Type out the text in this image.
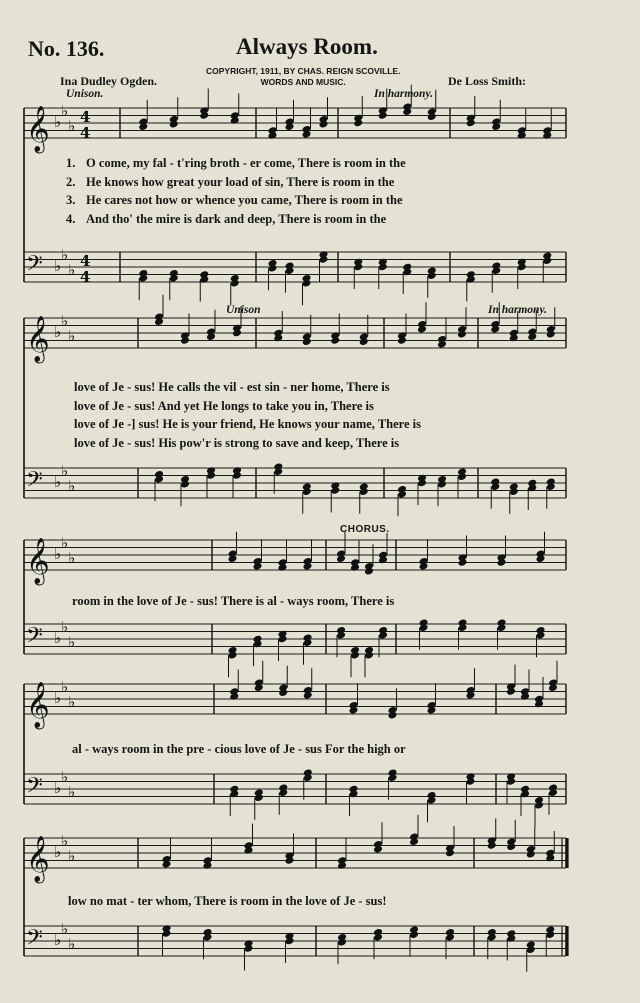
No. 136.	Always Room.
COPYRIGHT, 1911, BY CHAS. REIGN SCOVILLE.
WORDS AND MUSIC.
Ina Dudley Ogden.	De Loss Smith:
Unison.	In harmony.
Unison	In harmony.
CHORUS.
𝄞
𝄢
♭
♭
♭
♭
♭
♭
4
4
4
4
𝄞
𝄢
♭
♭
♭
♭
♭
♭
𝄞
𝄢
♭
♭
♭
♭
♭
♭
𝄞
𝄢
♭
♭
♭
♭
♭
♭
𝄞
𝄢
♭
♭
♭
♭
♭
♭
1. O come, my fal - t'ring broth - er come, There is room in the
2. He knows how great your load of sin, There is room in the
3. He cares not how or whence you came, There is room in the
4. And tho' the mire is dark and deep, There is room in the
love of Je - sus! He calls the vil - est sin - ner home, There is
love of Je - sus! And yet He longs to take you in, There is
love of Je -] sus! He is your friend, He knows your name, There is
love of Je - sus! His pow'r is strong to save and keep, There is
room in the love of Je - sus! There is al - ways room, There is
al - ways room in the pre - cious love of Je - sus For the high or
low no mat - ter whom, There is room in the love of Je - sus!
